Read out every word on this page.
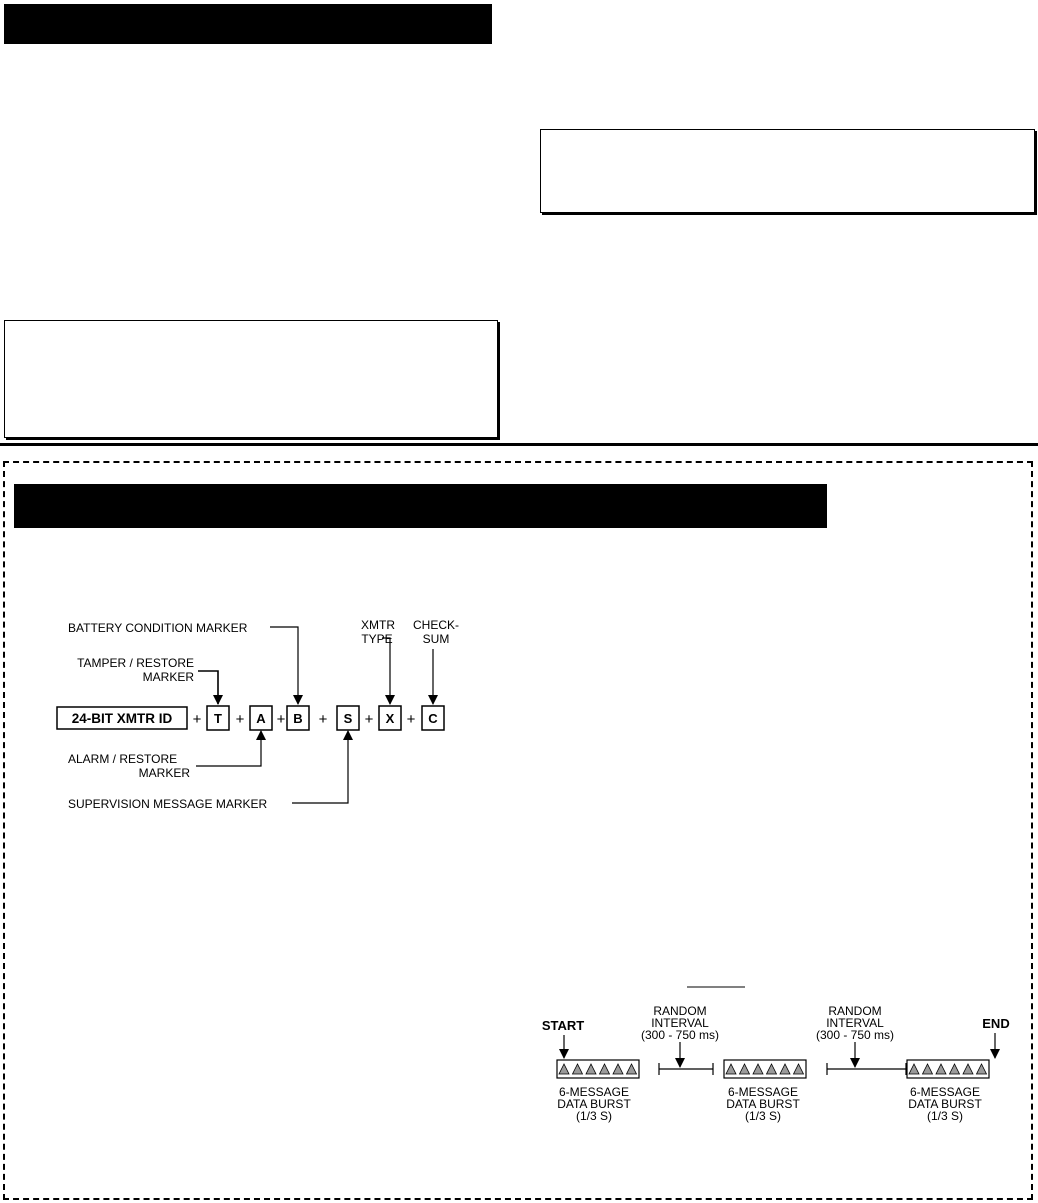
BATTERY CONDITION MARKER	XMTR
TYPE
CHECK-
SUM
TAMPER / RESTORE
MARKER
ALARM / RESTORE
MARKER
SUPERVISION MESSAGE MARKER
24-BIT XMTR ID + T + A + B + S + X + C
START	END
6-MESSAGE
DATA BURST
(1/3 S)
6-MESSAGE
DATA BURST
(1/3 S)
6-MESSAGE
DATA BURST
(1/3 S)
RANDOM
INTERVAL
(300 - 750 ms)
RANDOM
INTERVAL
(300 - 750 ms)
